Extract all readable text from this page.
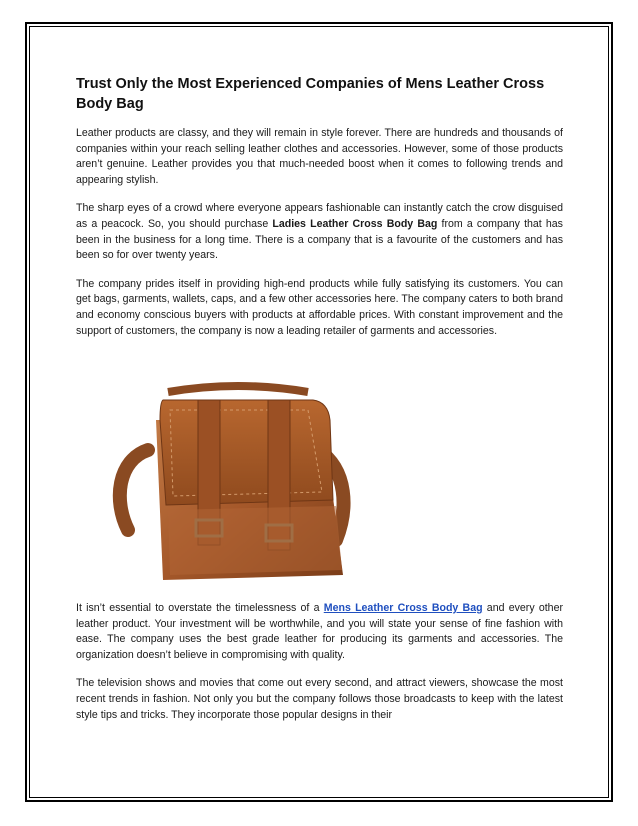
Trust Only the Most Experienced Companies of Mens Leather Cross Body Bag

Leather products are classy, and they will remain in style forever. There are hundreds and thousands of companies within your reach selling leather clothes and accessories. However, some of those products aren’t genuine. Leather provides you that much-needed boost when it comes to following trends and appearing stylish.

The sharp eyes of a crowd where everyone appears fashionable can instantly catch the crow disguised as a peacock. So, you should purchase Ladies Leather Cross Body Bag from a company that has been in the business for a long time. There is a company that is a favourite of the customers and has been so for over twenty years.

The company prides itself in providing high-end products while fully satisfying its customers. You can get bags, garments, wallets, caps, and a few other accessories here. The company caters to both brand and economy conscious buyers with products at affordable prices. With constant improvement and the support of customers, the company is now a leading retailer of garments and accessories.

It isn’t essential to overstate the timelessness of a Mens Leather Cross Body Bag and every other leather product. Your investment will be worthwhile, and you will state your sense of fine fashion with ease. The company uses the best grade leather for producing its garments and accessories. The organization doesn’t believe in compromising with quality.

The television shows and movies that come out every second, and attract viewers, showcase the most recent trends in fashion. Not only you but the company follows those broadcasts to keep with the latest style tips and tricks. They incorporate those popular designs in their
